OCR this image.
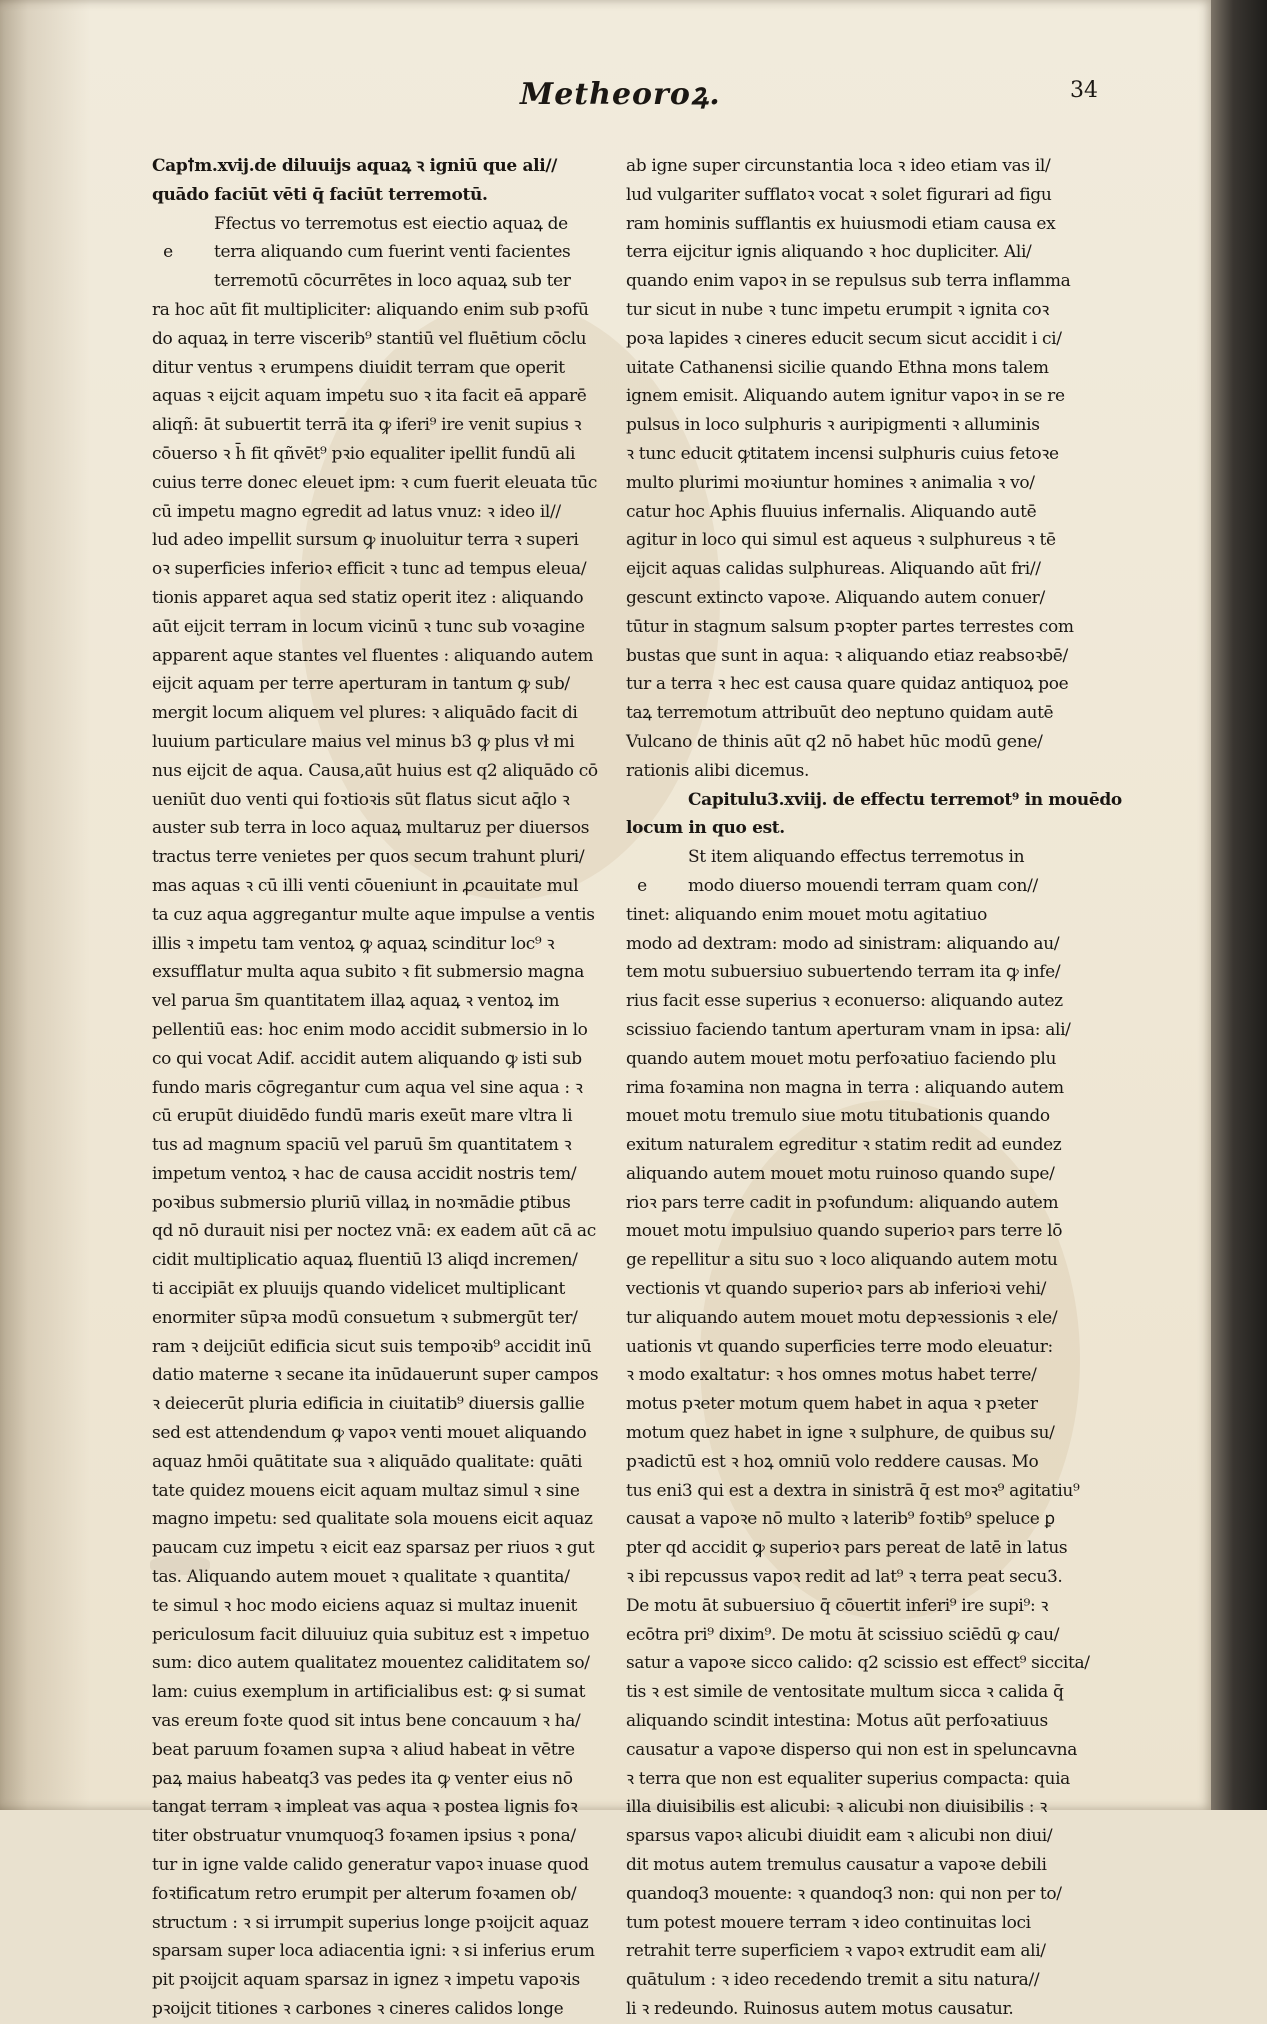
Metheoroꝝ.	34
Capꝉm.xvij.de diluuijs aquaꝝ ꝛ igniū que ali//
quādo faciūt vēti q̄ faciūt terremotū.
Ffectus vo terremotus est eiectio aquaꝝ de
e terra aliquando cum fuerint venti facientes
terremotū cōcurrētes in loco aquaꝝ sub ter
ra hoc aūt fit multipliciter: aliquando enim sub pꝛofū
do aquaꝝ in terre viscerib⁹ stantiū vel fluētium cōclu
ditur ventus ꝛ erumpens diuidit terram que operit
aquas ꝛ eijcit aquam impetu suo ꝛ ita facit eā apparē
aliqñ: āt subuertit terrā ita ꝙ iferi⁹ ire venit supius ꝛ
cōuerso ꝛ h̄ fit qñvēt⁹ pꝛio equaliter ipellit fundū ali
cuius terre donec eleuet ipm: ꝛ cum fuerit eleuata tūc
cū impetu magno egredit ad latus vnuz: ꝛ ideo il//
lud adeo impellit sursum ꝙ inuoluitur terra ꝛ superi
oꝛ superficies inferioꝛ efficit ꝛ tunc ad tempus eleua/
tionis apparet aqua sed statiz operit itez : aliquando
aūt eijcit terram in locum vicinū ꝛ tunc sub voꝛagine
apparent aque stantes vel fluentes : aliquando autem
eijcit aquam per terre aperturam in tantum ꝙ sub/
mergit locum aliquem vel plures: ꝛ aliquādo facit di
luuium particulare maius vel minus b3 ꝙ plus vł mi
nus eijcit de aqua. Causa,aūt huius est q2 aliquādo cō
ueniūt duo venti qui foꝛtioꝛis sūt flatus sicut aq̄lo ꝛ
auster sub terra in loco aquaꝝ multaruz per diuersos
tractus terre venietes per quos secum trahunt pluri/
mas aquas ꝛ cū illi venti cōueniunt in ꝓcauitate mul
ta cuz aqua aggregantur multe aque impulse a ventis
illis ꝛ impetu tam ventoꝝ ꝙ aquaꝝ scinditur loc⁹ ꝛ
exsufflatur multa aqua subito ꝛ fit submersio magna
vel parua s̄m quantitatem illaꝝ aquaꝝ ꝛ ventoꝝ im
pellentiū eas: hoc enim modo accidit submersio in lo
co qui vocat Adif. accidit autem aliquando ꝙ isti sub
fundo maris cōgregantur cum aqua vel sine aqua : ꝛ
cū erupūt diuidēdo fundū maris exeūt mare vltra li
tus ad magnum spaciū vel paruū s̄m quantitatem ꝛ
impetum ventoꝝ ꝛ hac de causa accidit nostris tem/
poꝛibus submersio pluriū villaꝝ in noꝛmādie ꝑtibus
qd nō durauit nisi per noctez vnā: ex eadem aūt cā ac
cidit multiplicatio aquaꝝ fluentiū l3 aliqd incremen/
ti accipiāt ex pluuijs quando videlicet multiplicant
enormiter sūpꝛa modū consuetum ꝛ submergūt ter/
ram ꝛ deijciūt edificia sicut suis tempoꝛib⁹ accidit inū
datio materne ꝛ secane ita inūdauerunt super campos
ꝛ deiecerūt pluria edificia in ciuitatib⁹ diuersis gallie
sed est attendendum ꝙ vapoꝛ venti mouet aliquando
aquaz hmōi quātitate sua ꝛ aliquādo qualitate: quāti
tate quidez mouens eicit aquam multaz simul ꝛ sine
magno impetu: sed qualitate sola mouens eicit aquaz
paucam cuz impetu ꝛ eicit eaz sparsaz per riuos ꝛ gut
tas. Aliquando autem mouet ꝛ qualitate ꝛ quantita/
te simul ꝛ hoc modo eiciens aquaz si multaz inuenit
periculosum facit diluuiuz quia subituz est ꝛ impetuo
sum: dico autem qualitatez mouentez caliditatem so/
lam: cuius exemplum in artificialibus est: ꝙ si sumat
vas ereum foꝛte quod sit intus bene concauum ꝛ ha/
beat paruum foꝛamen supꝛa ꝛ aliud habeat in vētre
paꝝ maius habeatq3 vas pedes ita ꝙ venter eius nō
tangat terram ꝛ impleat vas aqua ꝛ postea lignis foꝛ
titer obstruatur vnumquoq3 foꝛamen ipsius ꝛ pona/
tur in igne valde calido generatur vapoꝛ inuase quod
foꝛtificatum retro erumpit per alterum foꝛamen ob/
structum : ꝛ si irrumpit superius longe pꝛoijcit aquaz
sparsam super loca adiacentia igni: ꝛ si inferius erum
pit pꝛoijcit aquam sparsaz in ignez ꝛ impetu vapoꝛis
pꝛoijcit titiones ꝛ carbones ꝛ cineres calidos longe
ab igne super circunstantia loca ꝛ ideo etiam vas il/
lud vulgariter sufflatoꝛ vocat ꝛ solet figurari ad figu
ram hominis sufflantis ex huiusmodi etiam causa ex
terra eijcitur ignis aliquando ꝛ hoc dupliciter. Ali/
quando enim vapoꝛ in se repulsus sub terra inflamma
tur sicut in nube ꝛ tunc impetu erumpit ꝛ ignita coꝛ
poꝛa lapides ꝛ cineres educit secum sicut accidit i ci/
uitate Cathanensi sicilie quando Ethna mons talem
ignem emisit. Aliquando autem ignitur vapoꝛ in se re
pulsus in loco sulphuris ꝛ auripigmenti ꝛ alluminis
ꝛ tunc educit ꝙtitatem incensi sulphuris cuius fetoꝛe
multo plurimi moꝛiuntur homines ꝛ animalia ꝛ vo/
catur hoc Aphis fluuius infernalis. Aliquando autē
agitur in loco qui simul est aqueus ꝛ sulphureus ꝛ tē
eijcit aquas calidas sulphureas. Aliquando aūt fri//
gescunt extincto vapoꝛe. Aliquando autem conuer/
tūtur in stagnum salsum pꝛopter partes terrestes com
bustas que sunt in aqua: ꝛ aliquando etiaz reabsoꝛbē/
tur a terra ꝛ hec est causa quare quidaz antiquoꝝ poe
taꝝ terremotum attribuūt deo neptuno quidam autē
Vulcano de thinis aūt q2 nō habet hūc modū gene/
rationis alibi dicemus.
Capitulu3.xviij. de effectu terremot⁹ in mouēdo
locum in quo est.
St item aliquando effectus terremotus in
e modo diuerso mouendi terram quam con//
tinet: aliquando enim mouet motu agitatiuo
modo ad dextram: modo ad sinistram: aliquando au/
tem motu subuersiuo subuertendo terram ita ꝙ infe/
rius facit esse superius ꝛ econuerso: aliquando autez
scissiuo faciendo tantum aperturam vnam in ipsa: ali/
quando autem mouet motu perfoꝛatiuo faciendo plu
rima foꝛamina non magna in terra : aliquando autem
mouet motu tremulo siue motu titubationis quando
exitum naturalem egreditur ꝛ statim redit ad eundez
aliquando autem mouet motu ruinoso quando supe/
rioꝛ pars terre cadit in pꝛofundum: aliquando autem
mouet motu impulsiuo quando superioꝛ pars terre lō
ge repellitur a situ suo ꝛ loco aliquando autem motu
vectionis vt quando superioꝛ pars ab inferioꝛi vehi/
tur aliquando autem mouet motu depꝛessionis ꝛ ele/
uationis vt quando superficies terre modo eleuatur:
ꝛ modo exaltatur: ꝛ hos omnes motus habet terre/
motus pꝛeter motum quem habet in aqua ꝛ pꝛeter
motum quez habet in igne ꝛ sulphure, de quibus su/
pꝛadictū est ꝛ hoꝝ omniū volo reddere causas. Mo
tus eni3 qui est a dextra in sinistrā q̄ est moꝛ⁹ agitatiu⁹
causat a vapoꝛe nō multo ꝛ laterib⁹ foꝛtib⁹ speluce ꝑ
pter qd accidit ꝙ superioꝛ pars pereat de latē in latus
ꝛ ibi repcussus vapoꝛ redit ad lat⁹ ꝛ terra peat secu3.
De motu āt subuersiuo q̄ cōuertit inferi⁹ ire supi⁹: ꝛ
ecōtra pri⁹ dixim⁹. De motu āt scissiuo sciēdū ꝙ cau/
satur a vapoꝛe sicco calido: q2 scissio est effect⁹ siccita/
tis ꝛ est simile de ventositate multum sicca ꝛ calida q̄
aliquando scindit intestina: Motus aūt perfoꝛatiuus
causatur a vapoꝛe disperso qui non est in speluncavna
ꝛ terra que non est equaliter superius compacta: quia
illa diuisibilis est alicubi: ꝛ alicubi non diuisibilis : ꝛ
sparsus vapoꝛ alicubi diuidit eam ꝛ alicubi non diui/
dit motus autem tremulus causatur a vapoꝛe debili
quandoq3 mouente: ꝛ quandoq3 non: qui non per to/
tum potest mouere terram ꝛ ideo continuitas loci
retrahit terre superficiem ꝛ vapoꝛ extrudit eam ali/
quātulum : ꝛ ideo recedendo tremit a situ natura//
li ꝛ redeundo. Ruinosus autem motus causatur.
